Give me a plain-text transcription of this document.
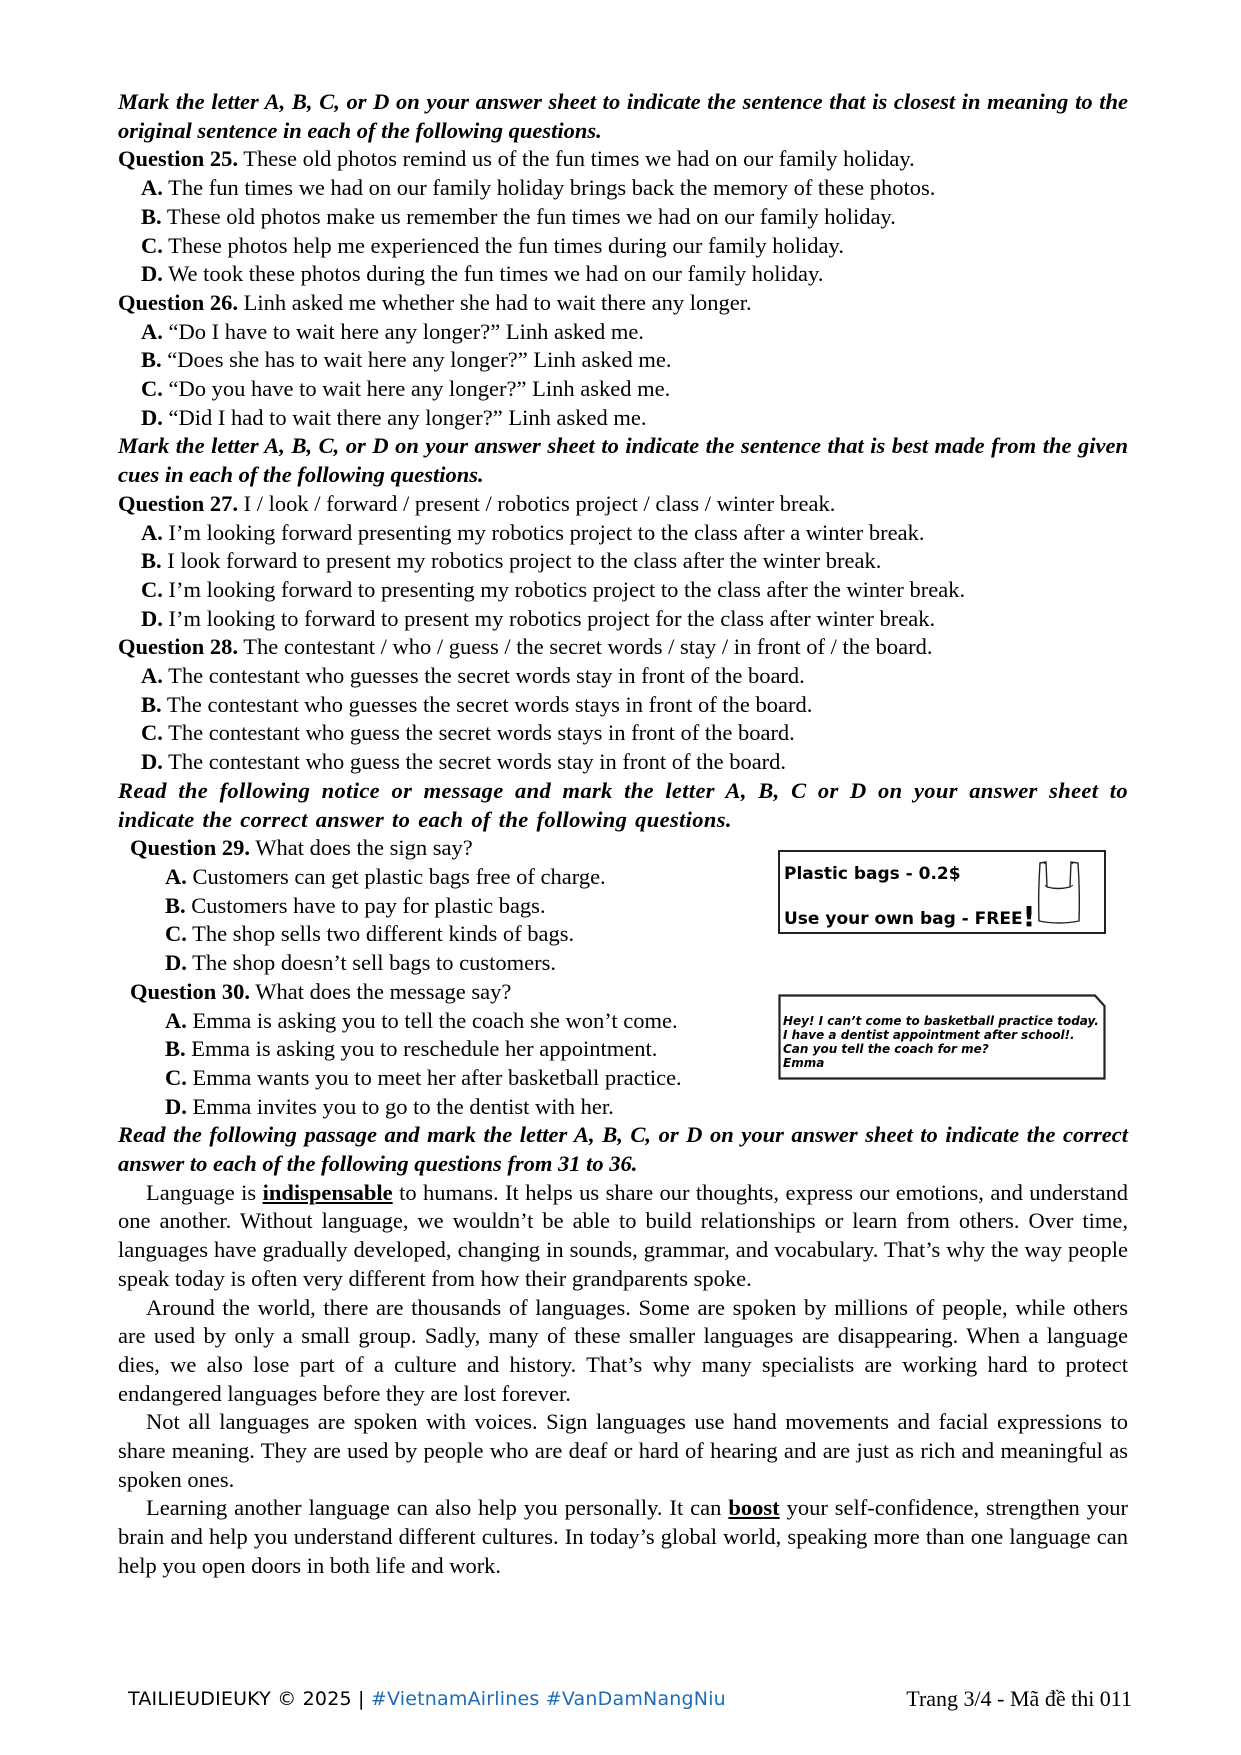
Mark the letter A, B, C, or D on your answer sheet to indicate the sentence that is closest in meaning to the original sentence in each of the following questions.
Question 25. These old photos remind us of the fun times we had on our family holiday.
A. The fun times we had on our family holiday brings back the memory of these photos.
B. These old photos make us remember the fun times we had on our family holiday.
C. These photos help me experienced the fun times during our family holiday.
D. We took these photos during the fun times we had on our family holiday.
Question 26. Linh asked me whether she had to wait there any longer.
A. “Do I have to wait here any longer?” Linh asked me.
B. “Does she has to wait here any longer?” Linh asked me.
C. “Do you have to wait here any longer?” Linh asked me.
D. “Did I had to wait there any longer?” Linh asked me.
Mark the letter A, B, C, or D on your answer sheet to indicate the sentence that is best made from the given cues in each of the following questions.
Question 27. I / look / forward / present / robotics project / class / winter break.
A. I’m looking forward presenting my robotics project to the class after a winter break.
B. I look forward to present my robotics project to the class after the winter break.
C. I’m looking forward to presenting my robotics project to the class after the winter break.
D. I’m looking to forward to present my robotics project for the class after winter break.
Question 28. The contestant / who / guess / the secret words / stay / in front of / the board.
A. The contestant who guesses the secret words stay in front of the board.
B. The contestant who guesses the secret words stays in front of the board.
C. The contestant who guess the secret words stays in front of the board.
D. The contestant who guess the secret words stay in front of the board.
Read the following notice or message and mark the letter A, B, C or D on your answer sheet to indicate the correct answer to each of the following questions.
Plastic bags - 0.2$
Use your own bag - FREE!
Question 29. What does the sign say?
A. Customers can get plastic bags free of charge.
B. Customers have to pay for plastic bags.
C. The shop sells two different kinds of bags.
D. The shop doesn’t sell bags to customers.
Hey! I can’t come to basketball practice today.
I have a dentist appointment after school!.
Can you tell the coach for me?
Emma
Question 30. What does the message say?
A. Emma is asking you to tell the coach she won’t come.
B. Emma is asking you to reschedule her appointment.
C. Emma wants you to meet her after basketball practice.
D. Emma invites you to go to the dentist with her.
Read the following passage and mark the letter A, B, C, or D on your answer sheet to indicate the correct answer to each of the following questions from 31 to 36.

Language is indispensable to humans. It helps us share our thoughts, express our emotions, and understand one another. Without language, we wouldn’t be able to build relationships or learn from others. Over time, languages have gradually developed, changing in sounds, grammar, and vocabulary. That’s why the way people speak today is often very different from how their grandparents spoke.

Around the world, there are thousands of languages. Some are spoken by millions of people, while others are used by only a small group. Sadly, many of these smaller languages are disappearing. When a language dies, we also lose part of a culture and history. That’s why many specialists are working hard to protect endangered languages before they are lost forever.

Not all languages are spoken with voices. Sign languages use hand movements and facial expressions to share meaning. They are used by people who are deaf or hard of hearing and are just as rich and meaningful as spoken ones.

Learning another language can also help you personally. It can boost your self-confidence, strengthen your brain and help you understand different cultures. In today’s global world, speaking more than one language can help you open doors in both life and work.

TAILIEUDIEUKY © 2025 | #VietnamAirlines #VanDamNangNiu	Trang 3/4 - Mã đề thi 011
